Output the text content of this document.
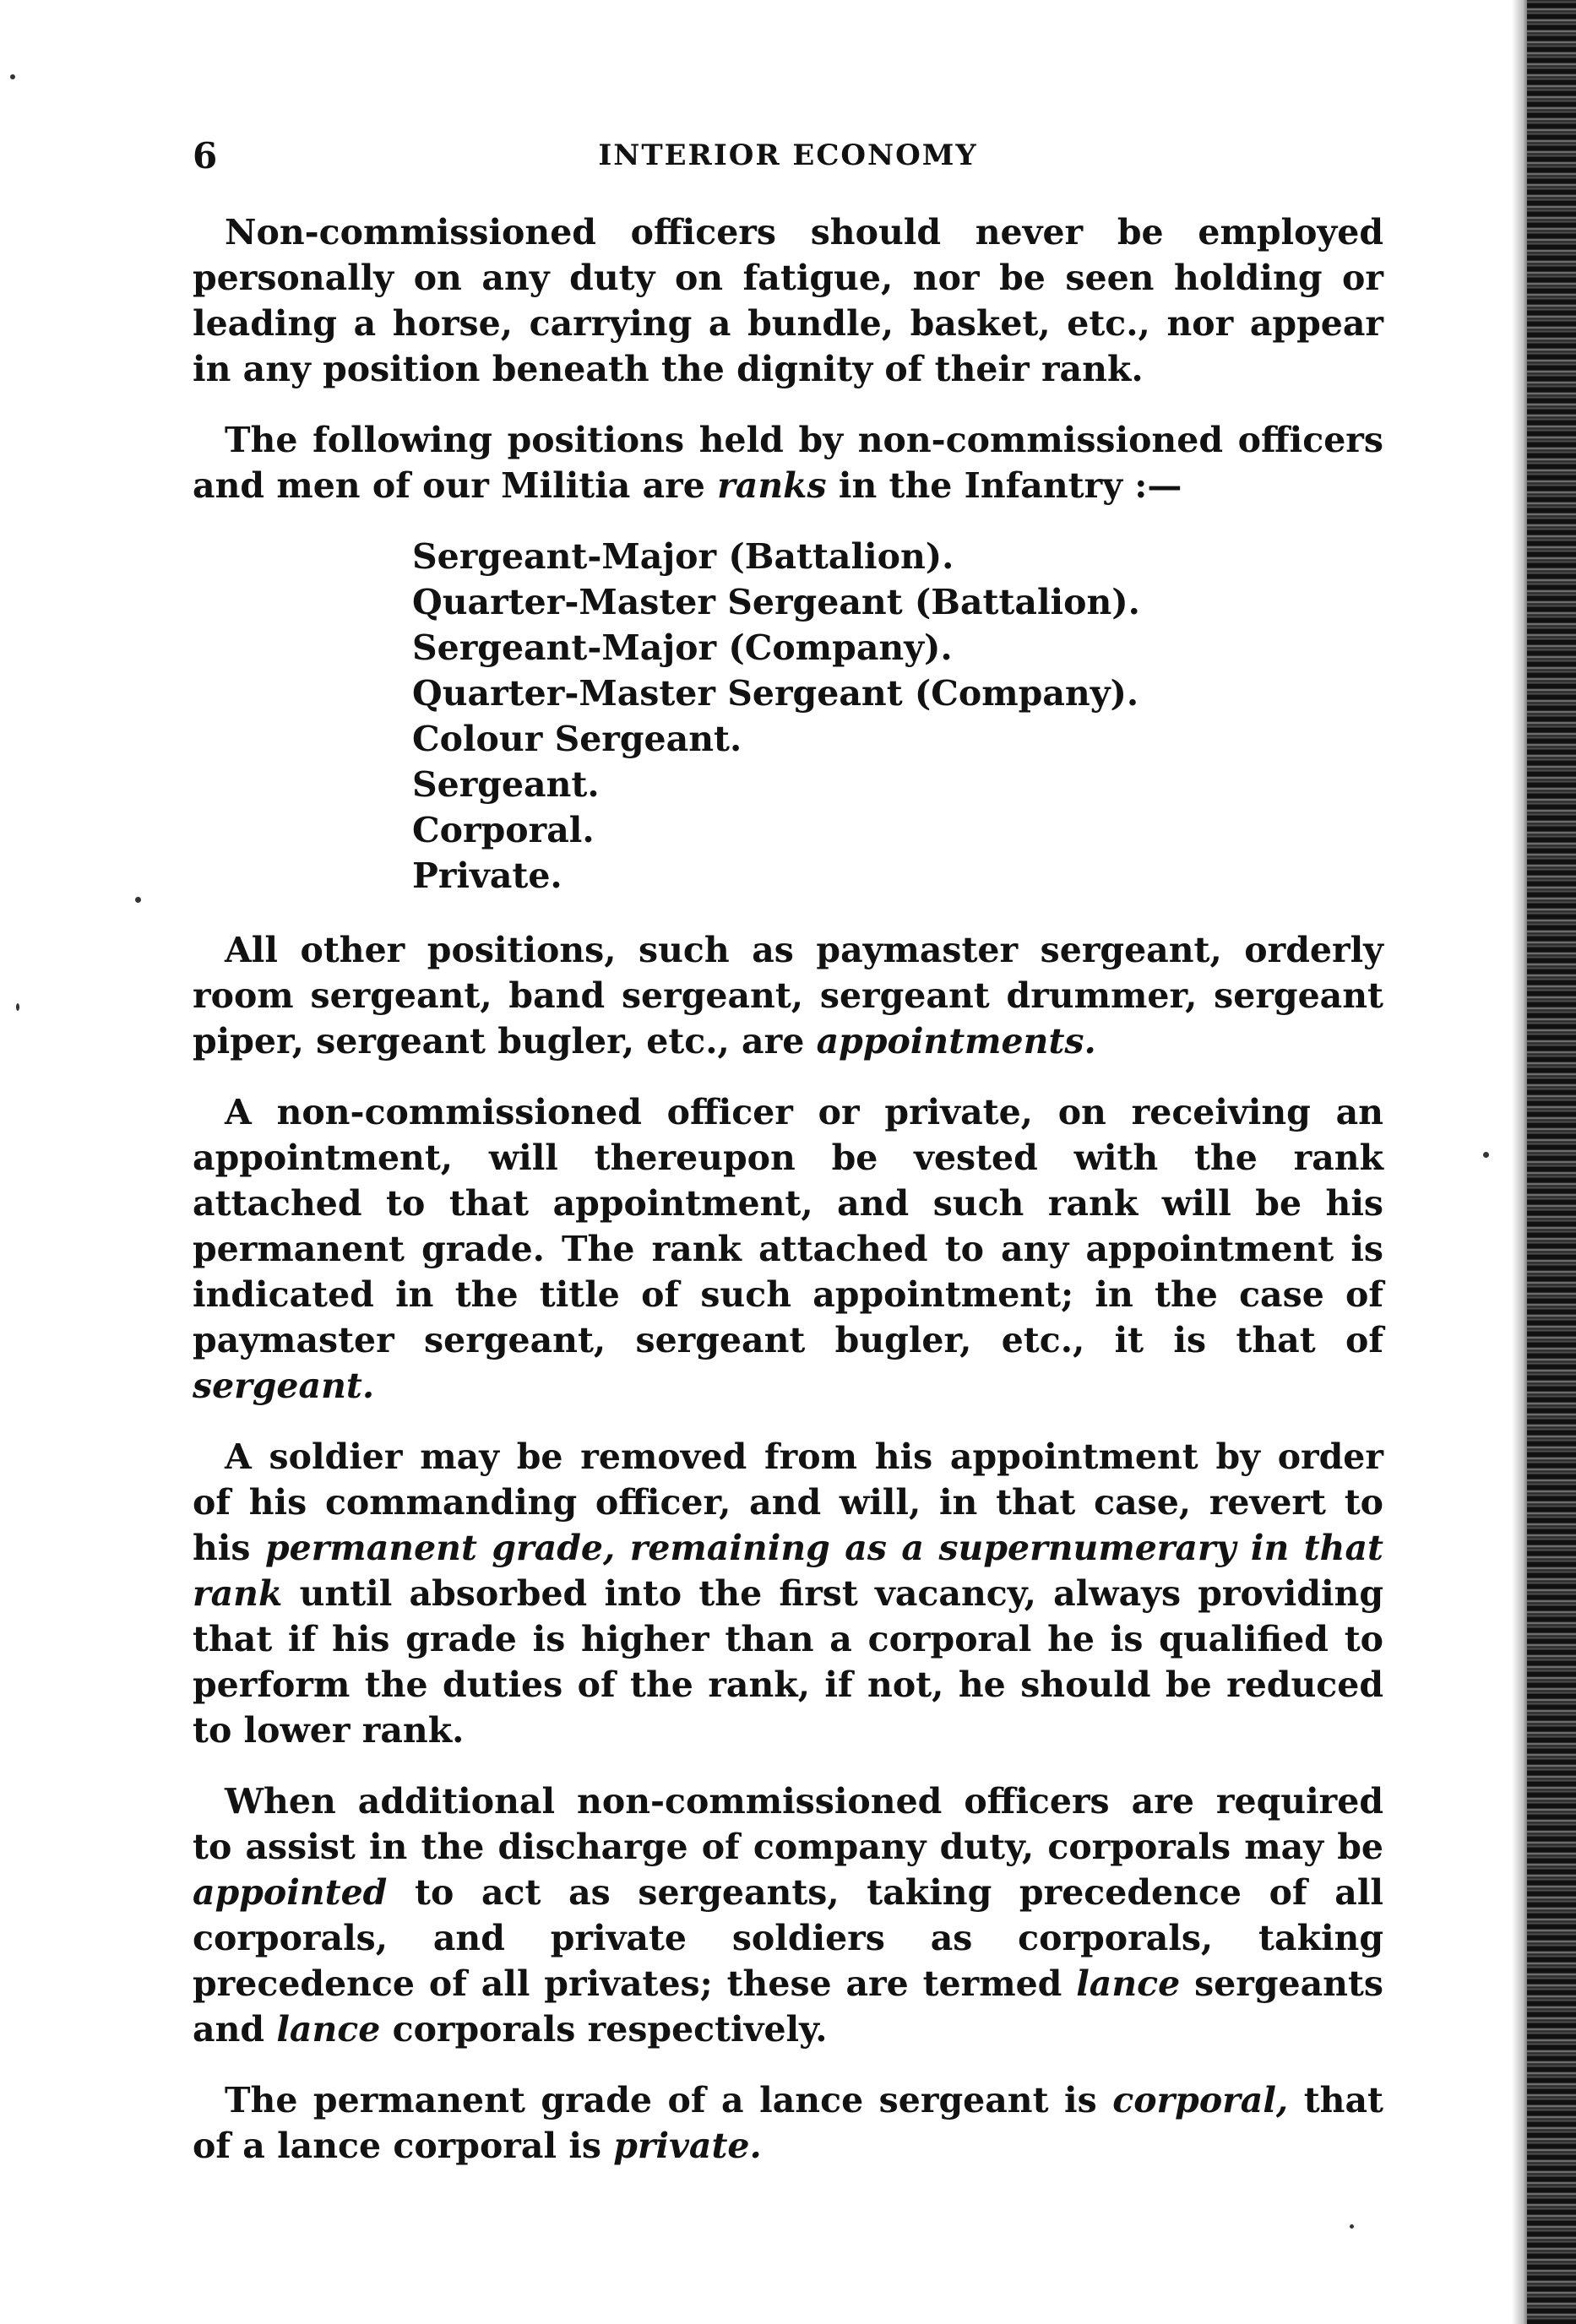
6	INTERIOR ECONOMY

Non-commissioned officers should never be employed personally on any duty on fatigue, nor be seen holding or leading a horse, carrying a bundle, basket, etc., nor appear in any position beneath the dignity of their rank.

The following positions held by non-commissioned officers and men of our Militia are ranks in the Infantry :—

Sergeant-Major (Battalion).
Quarter-Master Sergeant (Battalion).
Sergeant-Major (Company).
Quarter-Master Sergeant (Company).
Colour Sergeant.
Sergeant.
Corporal.
Private.

All other positions, such as paymaster sergeant, orderly room sergeant, band sergeant, sergeant drummer, sergeant piper, sergeant bugler, etc., are appointments.

A non-commissioned officer or private, on receiving an appointment, will thereupon be vested with the rank attached to that appointment, and such rank will be his permanent grade. The rank attached to any appointment is indicated in the title of such appointment; in the case of paymaster sergeant, sergeant bugler, etc., it is that of sergeant.

A soldier may be removed from his appointment by order of his commanding officer, and will, in that case, revert to his permanent grade, remaining as a supernumerary in that rank until absorbed into the first vacancy, always providing that if his grade is higher than a corporal he is qualified to perform the duties of the rank, if not, he should be reduced to lower rank.

When additional non-commissioned officers are required to assist in the discharge of company duty, corporals may be appointed to act as sergeants, taking precedence of all corporals, and private soldiers as corporals, taking precedence of all privates; these are termed lance sergeants and lance corporals respectively.

The permanent grade of a lance sergeant is corporal, that of a lance corporal is private.
